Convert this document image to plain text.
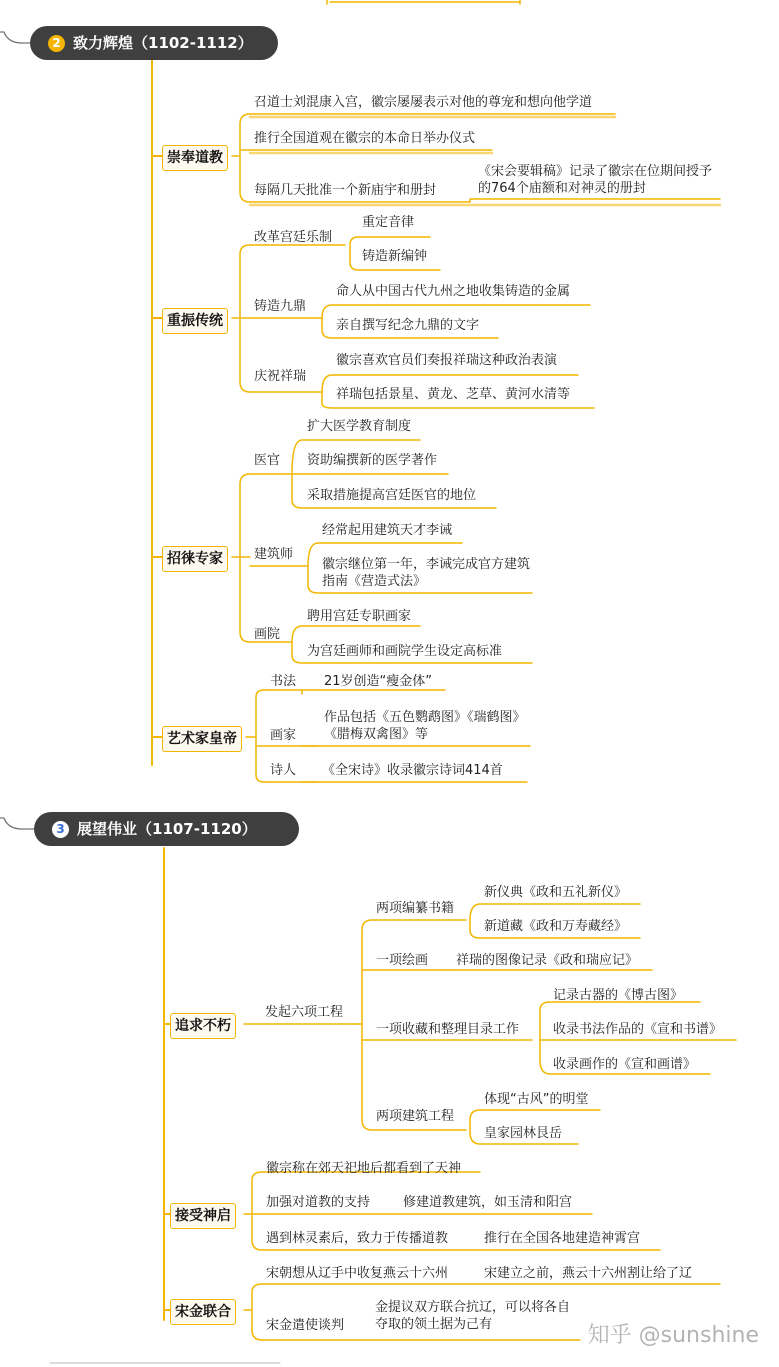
2 致力辉煌（1102-1112）
崇奉道教
重振传统
招徕专家
艺术家皇帝
召道士刘混康入宫，徽宗屡屡表示对他的尊宠和想向他学道
推行全国道观在徽宗的本命日举办仪式
每隔几天批准一个新庙宇和册封
《宋会要辑稿》记录了徽宗在位期间授予的764个庙额和对神灵的册封
改革宫廷乐制
重定音律
铸造新编钟
铸造九鼎
命人从中国古代九州之地收集铸造的金属
亲自撰写纪念九鼎的文字
庆祝祥瑞
徽宗喜欢官员们奏报祥瑞这种政治表演
祥瑞包括景星、黄龙、芝草、黄河水清等
医官
扩大医学教育制度
资助编撰新的医学著作
采取措施提高宫廷医官的地位
建筑师
经常起用建筑天才李诫
徽宗继位第一年，李诫完成官方建筑指南《营造式法》
画院
聘用宫廷专职画家
为宫廷画师和画院学生设定高标准
书法 21岁创造“瘦金体”
画家
作品包括《五色鹦鹉图》《瑞鹤图》《腊梅双禽图》等
诗人 《全宋诗》收录徽宗诗词414首
3 展望伟业（1107-1120）
追求不朽
接受神启
宋金联合
发起六项工程
两项编纂书籍
新仪典《政和五礼新仪》
新道藏《政和万寿藏经》
一项绘画 祥瑞的图像记录《政和瑞应记》
一项收藏和整理目录工作
记录古器的《博古图》
收录书法作品的《宣和书谱》
收录画作的《宣和画谱》
两项建筑工程
体现“古风”的明堂
皇家园林艮岳
徽宗称在郊天祀地后都看到了天神
加强对道教的支持	修建道教建筑，如玉清和阳宫
遇到林灵素后，致力于传播道教	推行在全国各地建造神霄宫
宋朝想从辽手中收复燕云十六州	宋建立之前，燕云十六州割让给了辽
宋金遣使谈判
金提议双方联合抗辽，可以将各自夺取的领土据为己有	知乎 @sunshine
